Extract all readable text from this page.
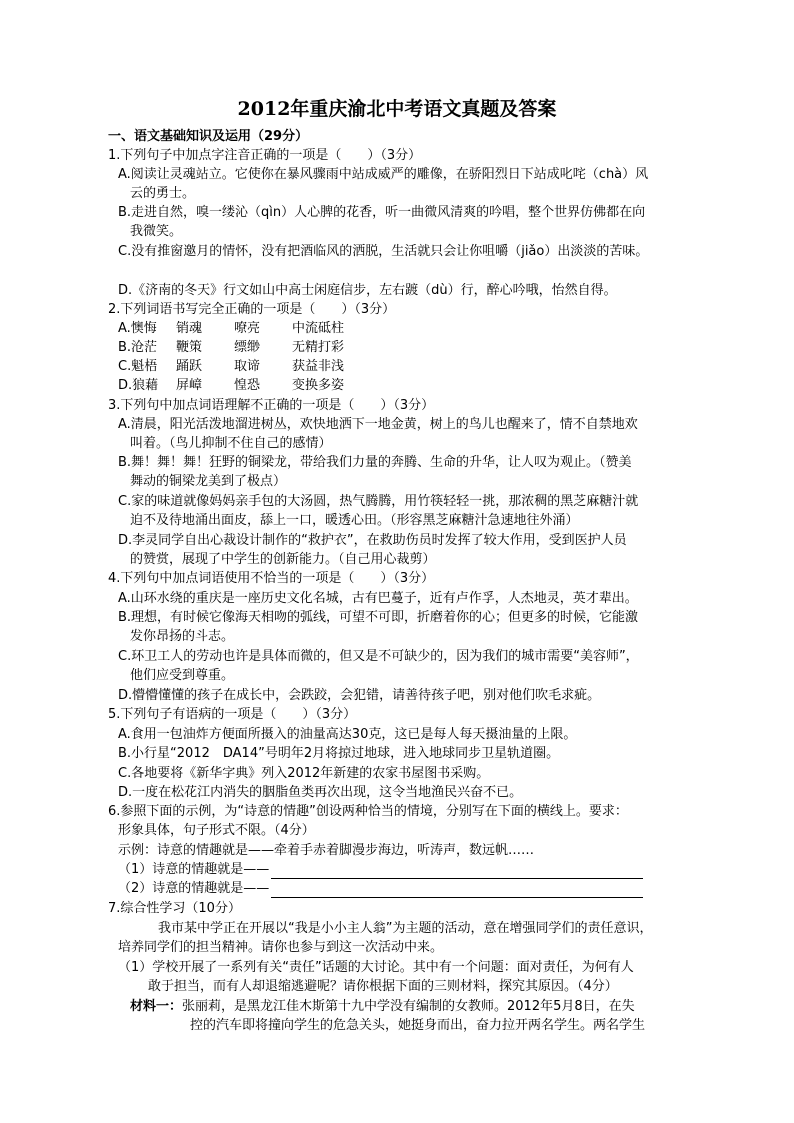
2012年重庆渝北中考语文真题及答案
一、语文基础知识及运用（29分）
1.下列句子中加点字注音正确的一项是（　　）（3分）
A.阅读让灵魂站立。它使你在暴风骤雨中站成威严的雕像，在骄阳烈日下站成叱咤（chà）风
云的勇士。
B.走进自然，嗅一缕沁（qìn）人心脾的花香，听一曲微风清爽的吟唱，整个世界仿佛都在向
我微笑。
C.没有推窗邀月的情怀，没有把酒临风的洒脱，生活就只会让你咀嚼（jiǎo）出淡淡的苦味。
D.《济南的冬天》行文如山中高士闲庭信步，左右踱（dù）行，醉心吟哦，怡然自得。
2.下列词语书写完全正确的一项是（　　）（3分）
A.懊悔 销魂 嘹亮 中流砥柱
B.沧茫 鞭策 缥缈 无精打彩
C.魁梧 踊跃 取谛 获益非浅
D.狼藉 屏嶂 惶恐 变换多姿
3.下列句中加点词语理解不正确的一项是（　　）（3分）
A.清晨，阳光活泼地溜进树丛，欢快地洒下一地金黄，树上的鸟儿也醒来了，情不自禁地欢
叫着。（鸟儿抑制不住自己的感情）
B.舞！舞！舞！狂野的铜梁龙，带给我们力量的奔腾、生命的升华，让人叹为观止。（赞美
舞动的铜梁龙美到了极点）
C.家的味道就像妈妈亲手包的大汤圆，热气腾腾，用竹筷轻轻一挑，那浓稠的黑芝麻糖汁就
迫不及待地涌出面皮，舔上一口，暖透心田。（形容黑芝麻糖汁急速地往外涌）
D.李灵同学自出心裁设计制作的“救护衣”，在救助伤员时发挥了较大作用，受到医护人员
的赞赏，展现了中学生的创新能力。（自己用心裁剪）
4.下列句中加点词语使用不恰当的一项是（　　）（3分）
A.山环水绕的重庆是一座历史文化名城，古有巴蔓子，近有卢作孚，人杰地灵，英才辈出。
B.理想，有时候它像海天相吻的弧线，可望不可即，折磨着你的心；但更多的时候，它能激
发你昂扬的斗志。
C.环卫工人的劳动也许是具体而微的，但又是不可缺少的，因为我们的城市需要“美容师”，
他们应受到尊重。
D.懵懵懂懂的孩子在成长中，会跌跤，会犯错，请善待孩子吧，别对他们吹毛求疵。
5.下列句子有语病的一项是（　　）（3分）
A.食用一包油炸方便面所摄入的油量高达30克，这已是每人每天摄油量的上限。
B.小行星“2012　DA14”号明年2月将掠过地球，进入地球同步卫星轨道圈。
C.各地要将《新华字典》列入2012年新建的农家书屋图书采购。
D.一度在松花江内消失的胭脂鱼类再次出现，这令当地渔民兴奋不已。
6.参照下面的示例，为“诗意的情趣”创设两种恰当的情境，分别写在下面的横线上。要求：
形象具体，句子形式不限。（4分）
示例：诗意的情趣就是——牵着手赤着脚漫步海边，听涛声，数远帆……
（1）诗意的情趣就是——
（2）诗意的情趣就是——
7.综合性学习（10分）
我市某中学正在开展以“我是小小主人翁”为主题的活动，意在增强同学们的责任意识，
培养同学们的担当精神。请你也参与到这一次活动中来。
（1）学校开展了一系列有关“责任”话题的大讨论。其中有一个问题：面对责任，为何有人
敢于担当，而有人却退缩逃避呢？请你根据下面的三则材料，探究其原因。（4分）
材料一：张丽莉，是黑龙江佳木斯第十九中学没有编制的女教师。2012年5月8日，在失
控的汽车即将撞向学生的危急关头，她挺身而出，奋力拉开两名学生。两名学生
